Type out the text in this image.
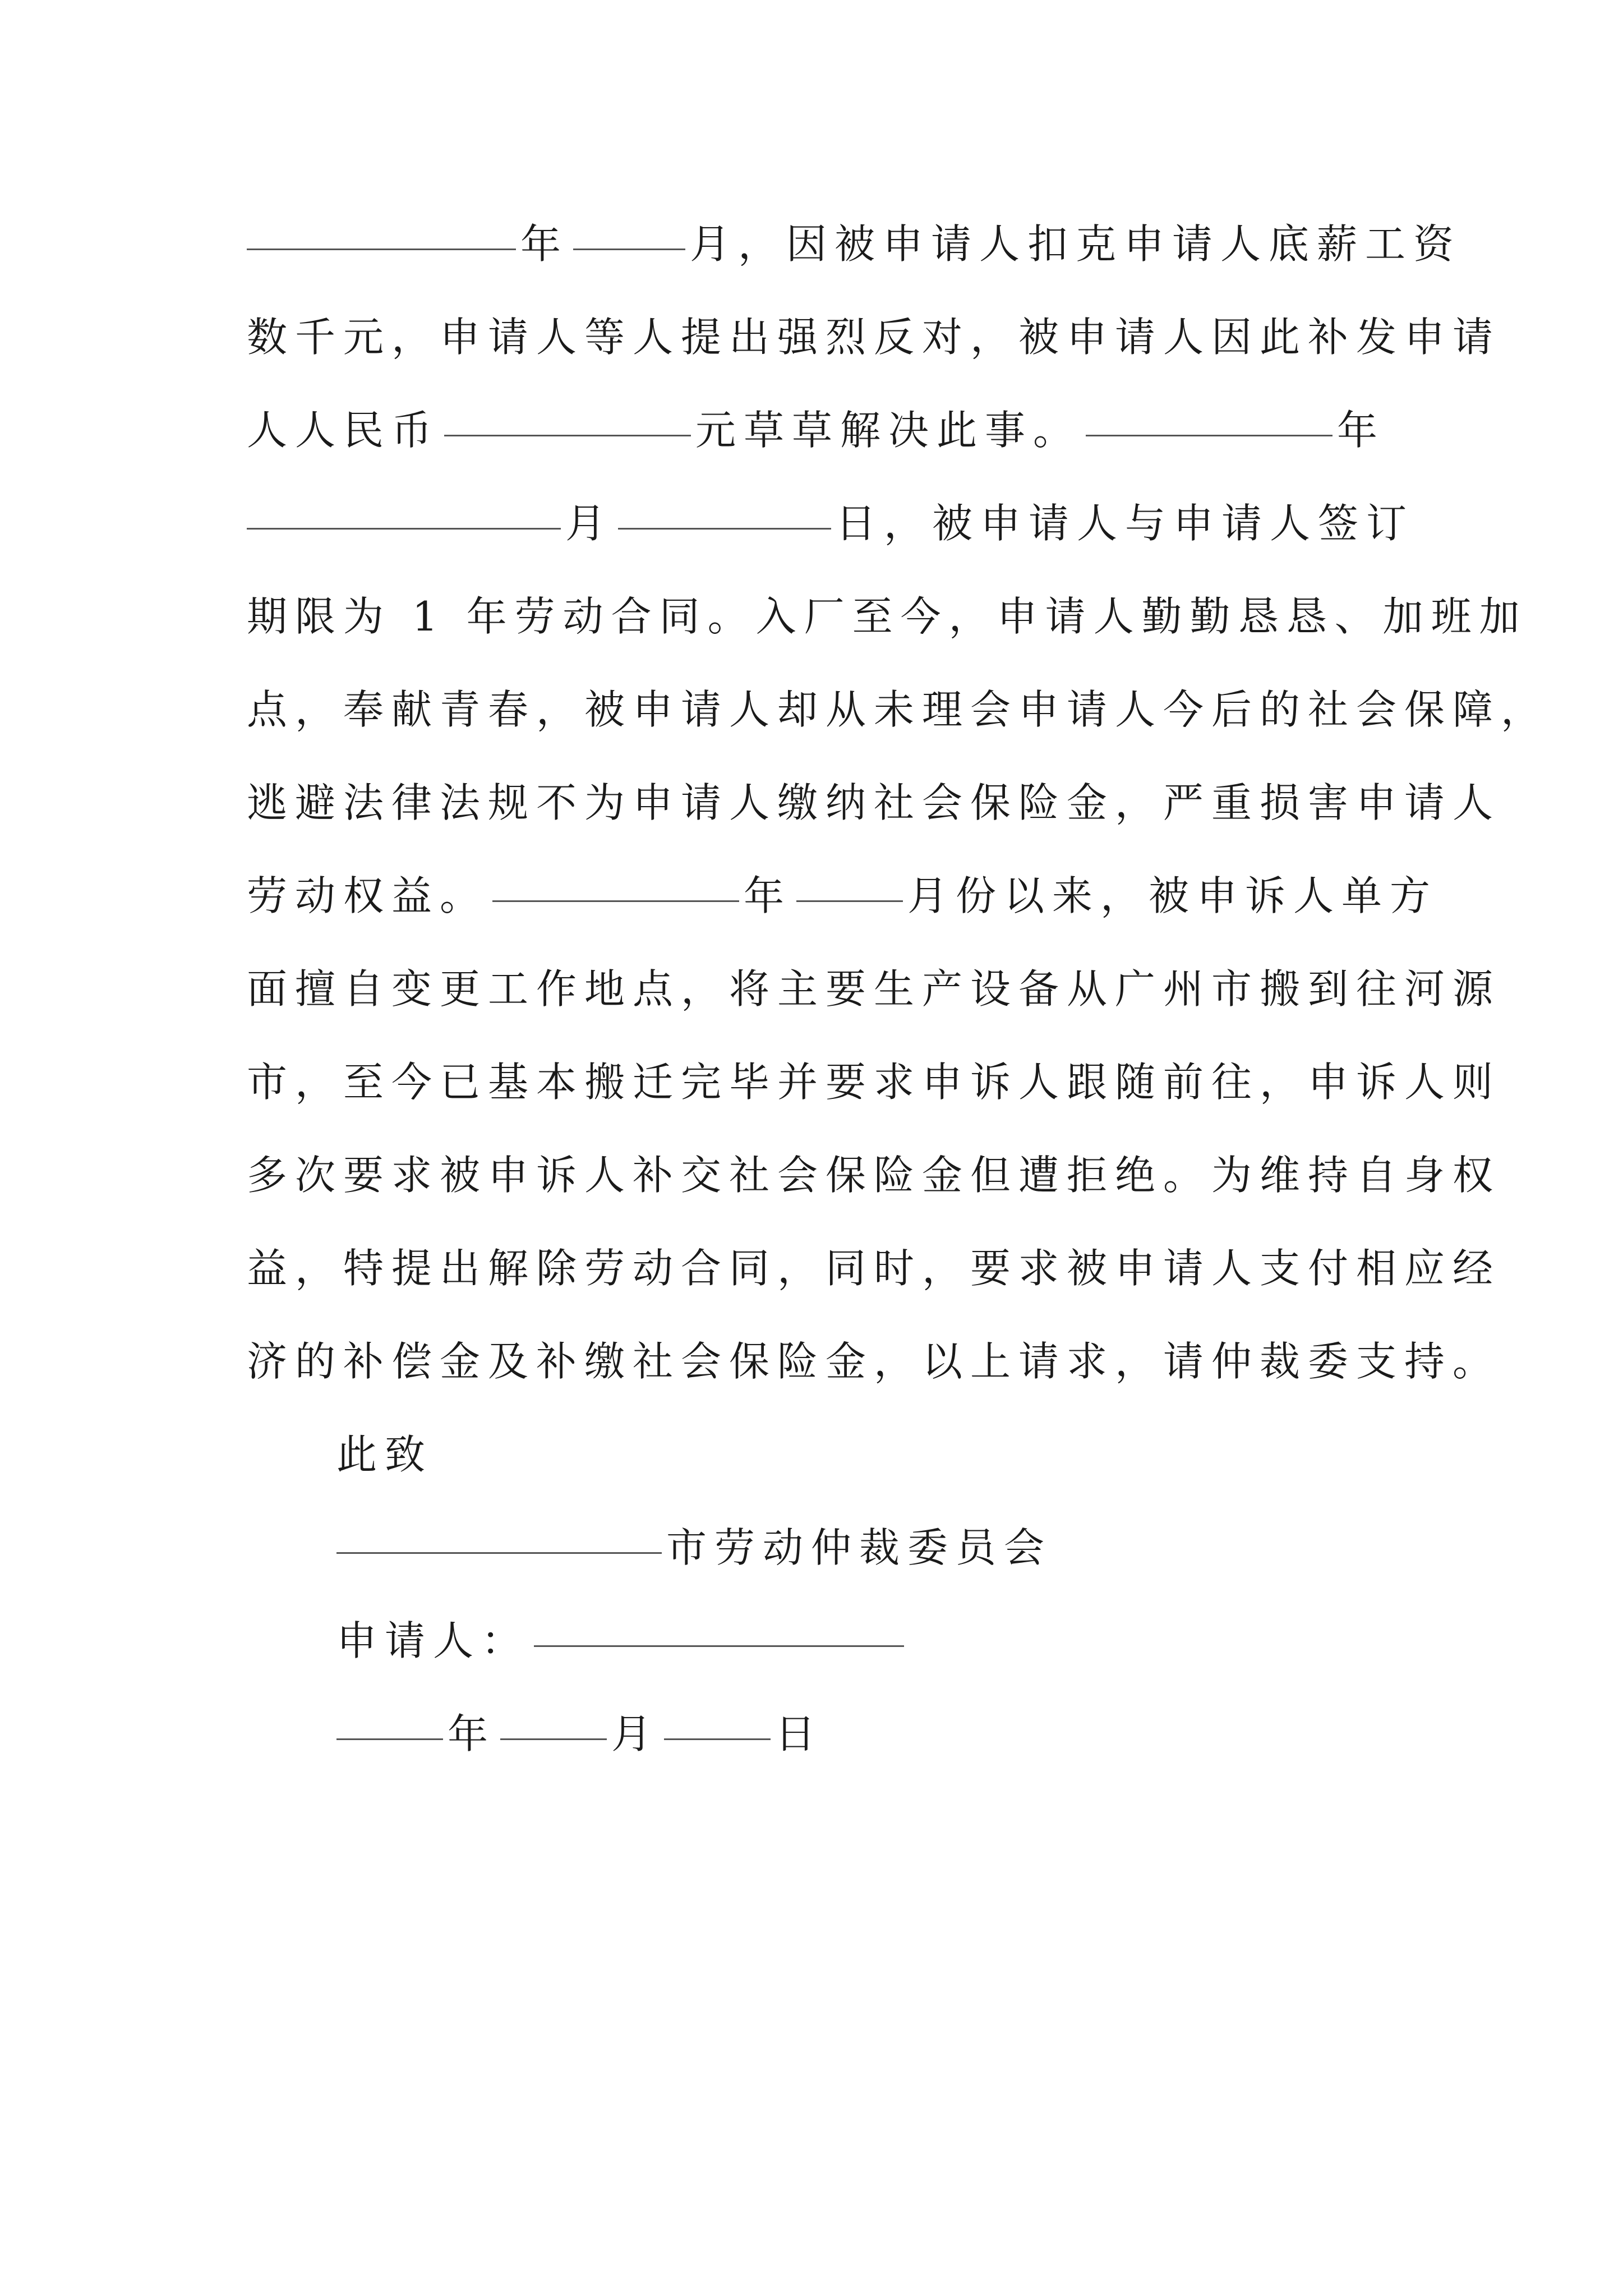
年	月，因被申请人扣克申请人底薪工资
数千元，申请人等人提出强烈反对，被申请人因此补发申请
人人民币	元草草解决此事。	年
月	日，被申请人与申请人签订
期限为 1 年劳动合同。入厂至今，申请人勤勤恳恳、加班加
点，奉献青春，被申请人却从未理会申请人今后的社会保障，
逃避法律法规不为申请人缴纳社会保险金，严重损害申请人
劳动权益。	年	月份以来，被申诉人单方
面擅自变更工作地点，将主要生产设备从广州市搬到往河源
市，至今已基本搬迁完毕并要求申诉人跟随前往，申诉人则
多次要求被申诉人补交社会保险金但遭拒绝。为维持自身权
益，特提出解除劳动合同，同时，要求被申请人支付相应经
济的补偿金及补缴社会保险金，以上请求，请仲裁委支持。
此致
市劳动仲裁委员会
申请人：
年	月	日
